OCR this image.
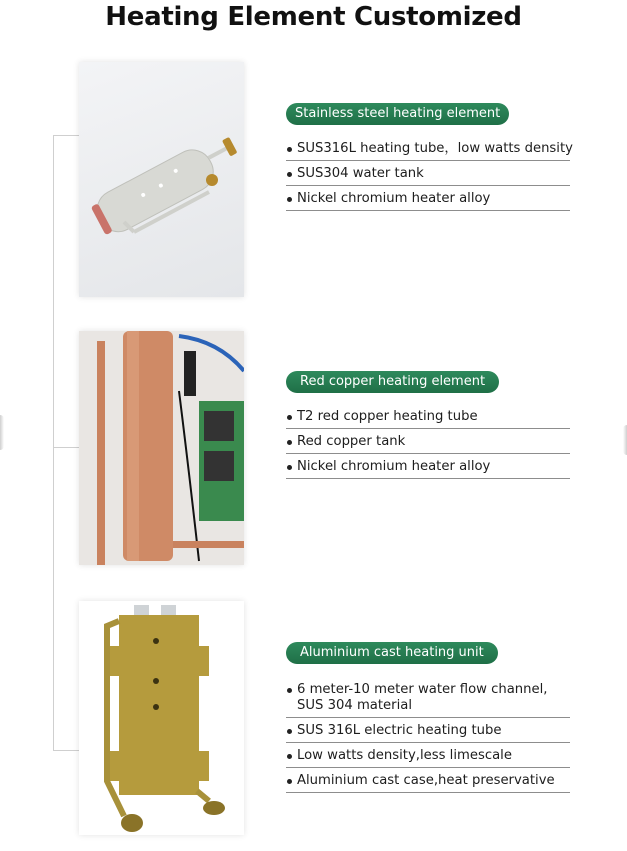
Heating Element Customized
Stainless steel heating element
SUS316L heating tube，low watts density
SUS304 water tank
Nickel chromium heater alloy
Red copper heating element
T2 red copper heating tube
Red copper tank
Nickel chromium heater alloy
Aluminium cast heating unit
6 meter-10 meter water flow channel,
SUS 304 material
SUS 316L electric heating tube
Low watts density,less limescale
Aluminium cast case,heat preservative
